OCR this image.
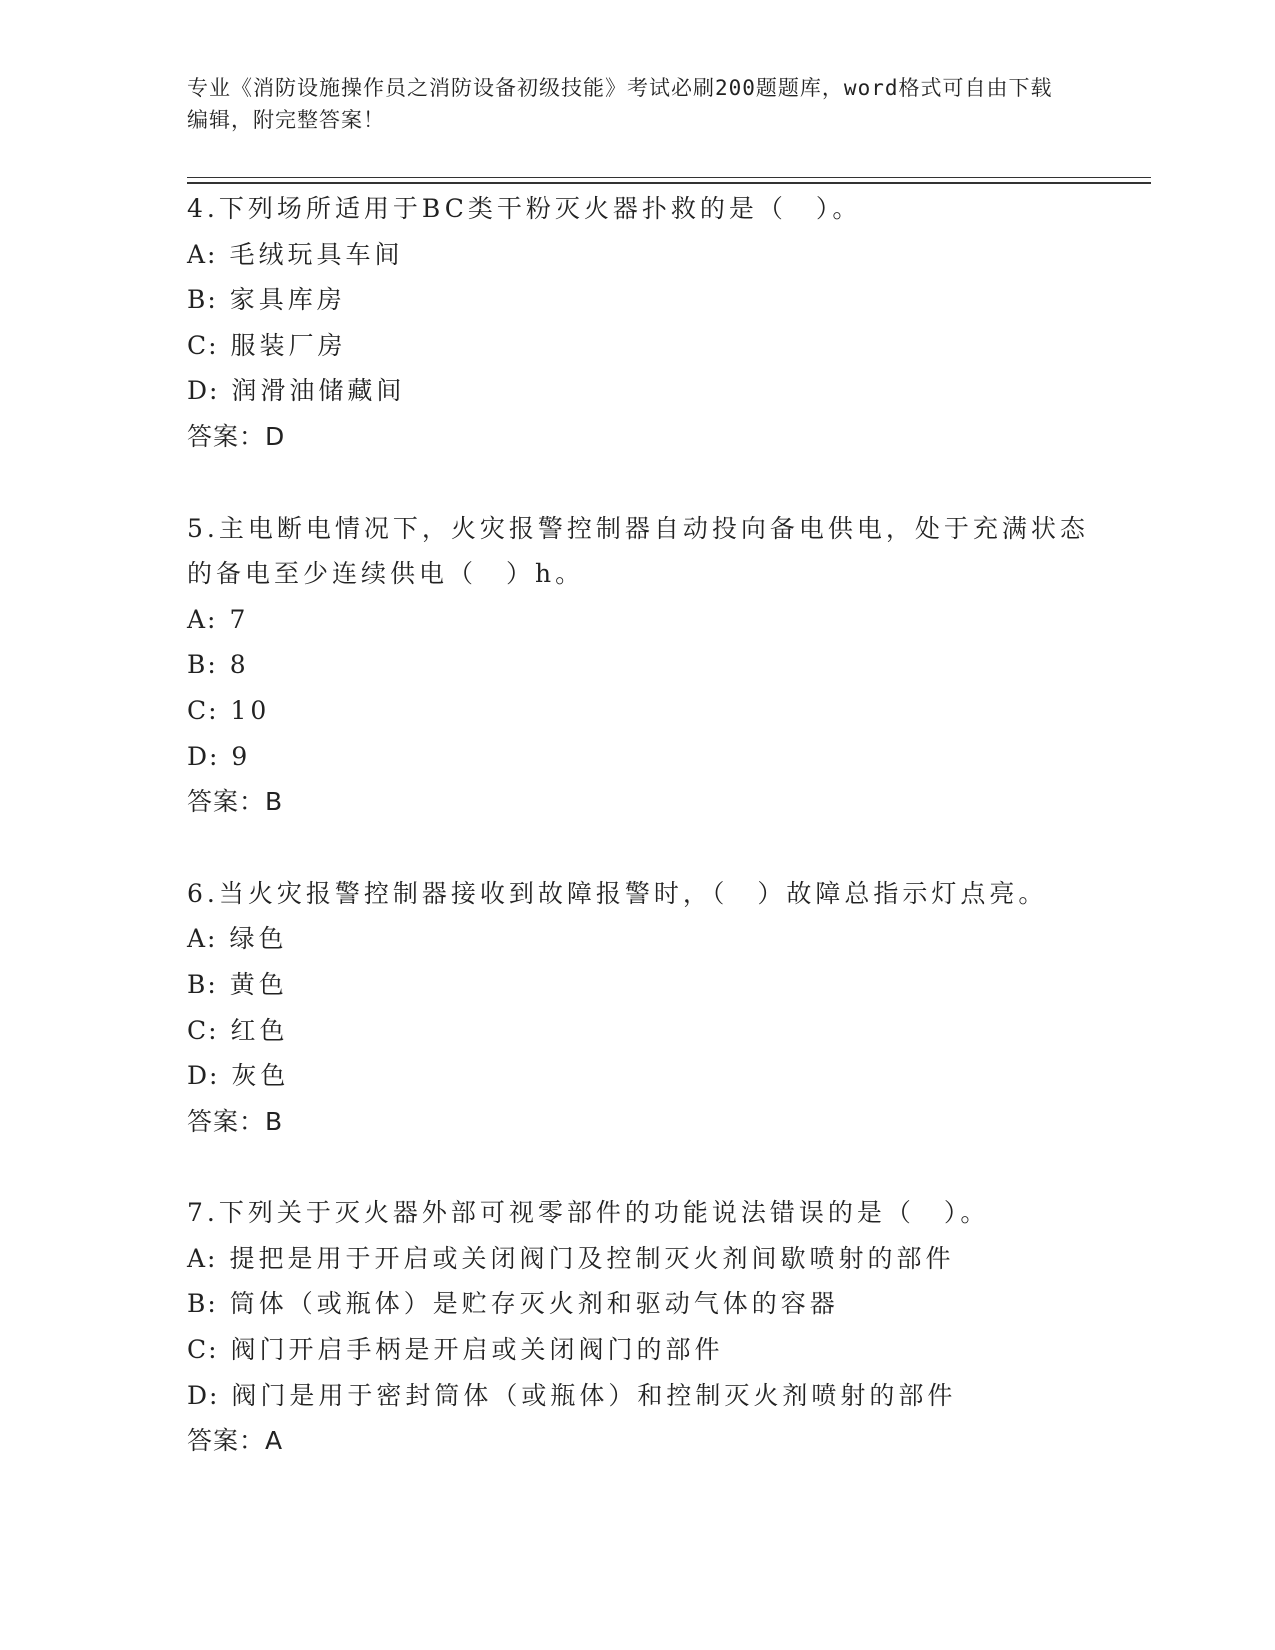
专业《消防设施操作员之消防设备初级技能》考试必刷200题题库，word格式可自由下载编辑，附完整答案！
4.下列场所适用于BC类干粉灭火器扑救的是（　）。
A: 毛绒玩具车间
B: 家具库房
C: 服装厂房
D: 润滑油储藏间
答案：D
5.主电断电情况下，火灾报警控制器自动投向备电供电，处于充满状态的备电至少连续供电（　）h。
A: 7
B: 8
C: 10
D: 9
答案：B
6.当火灾报警控制器接收到故障报警时，（　）故障总指示灯点亮。
A: 绿色
B: 黄色
C: 红色
D: 灰色
答案：B
7.下列关于灭火器外部可视零部件的功能说法错误的是（　）。
A: 提把是用于开启或关闭阀门及控制灭火剂间歇喷射的部件
B: 筒体（或瓶体）是贮存灭火剂和驱动气体的容器
C: 阀门开启手柄是开启或关闭阀门的部件
D: 阀门是用于密封筒体（或瓶体）和控制灭火剂喷射的部件
答案：A
